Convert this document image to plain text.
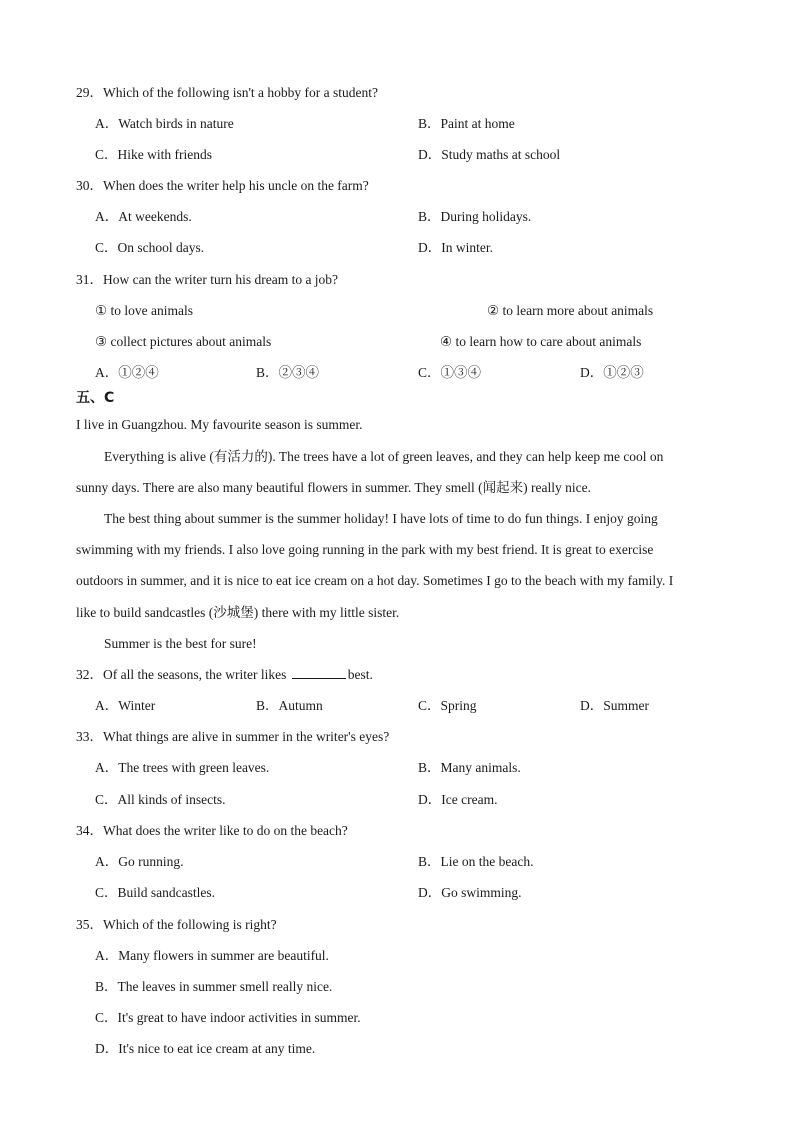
29．Which of the following isn't a hobby for a student?
A．Watch birds in nature	B．Paint at home
C．Hike with friends	D．Study maths at school
30．When does the writer help his uncle on the farm?
A．At weekends.	B．During holidays.
C．On school days.	D．In winter.
31．How can the writer turn his dream to a job?
① to love animals	② to learn more about animals
③ collect pictures about animals	④ to learn how to care about animals
A．①②④	B．②③④	C．①③④	D．①②③
五、C
I live in Guangzhou. My favourite season is summer.
Everything is alive (有活力的). The trees have a lot of green leaves, and they can help keep me cool on
sunny days. There are also many beautiful flowers in summer. They smell (闻起来) really nice.
The best thing about summer is the summer holiday! I have lots of time to do fun things. I enjoy going
swimming with my friends. I also love going running in the park with my best friend. It is great to exercise
outdoors in summer, and it is nice to eat ice cream on a hot day. Sometimes I go to the beach with my family. I
like to build sandcastles (沙城堡) there with my little sister.
Summer is the best for sure!
32．Of all the seasons, the writer likes	best.
A．Winter	B．Autumn	C．Spring	D．Summer
33．What things are alive in summer in the writer's eyes?
A．The trees with green leaves.	B．Many animals.
C．All kinds of insects.	D．Ice cream.
34．What does the writer like to do on the beach?
A．Go running.	B．Lie on the beach.
C．Build sandcastles.	D．Go swimming.
35．Which of the following is right?
A．Many flowers in summer are beautiful.
B．The leaves in summer smell really nice.
C．It's great to have indoor activities in summer.
D．It's nice to eat ice cream at any time.
